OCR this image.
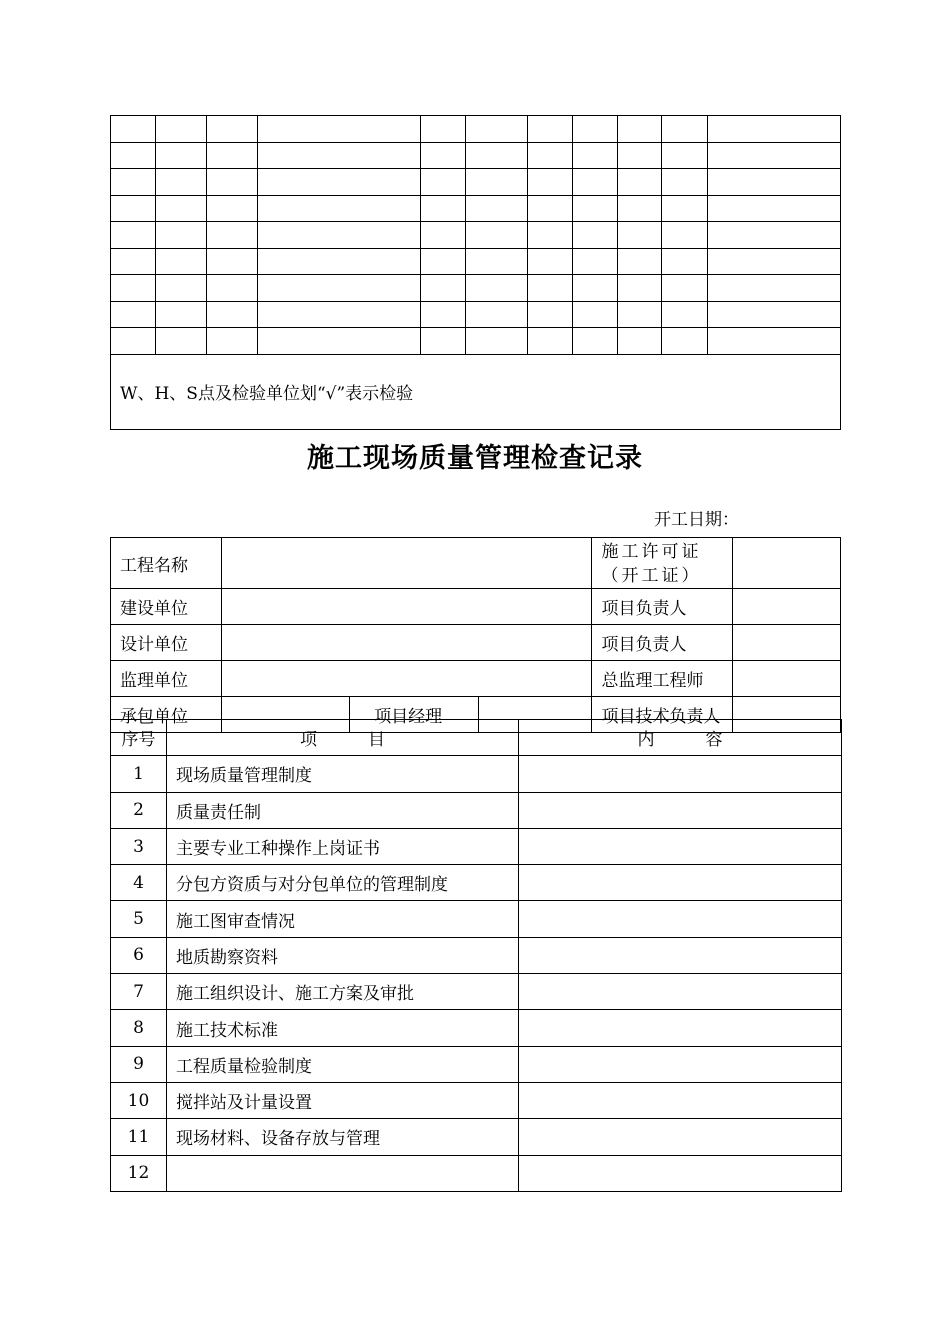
W、H、S点及检验单位划“√”表示检验										
施工现场质量管理检查记录
开工日期：
工程名称				施工许可证（开工证）	
建设单位				项目负责人	
设计单位				项目负责人	
监理单位				总监理工程师	
承包单位		项目经理		项目技术负责人	
序号	项　　　目	内　　　容
1	现场质量管理制度	
2	质量责任制	
3	主要专业工种操作上岗证书	
4	分包方资质与对分包单位的管理制度	
5	施工图审查情况	
6	地质勘察资料	
7	施工组织设计、施工方案及审批	
8	施工技术标准	
9	工程质量检验制度	
10	搅拌站及计量设置	
11	现场材料、设备存放与管理	
12		
